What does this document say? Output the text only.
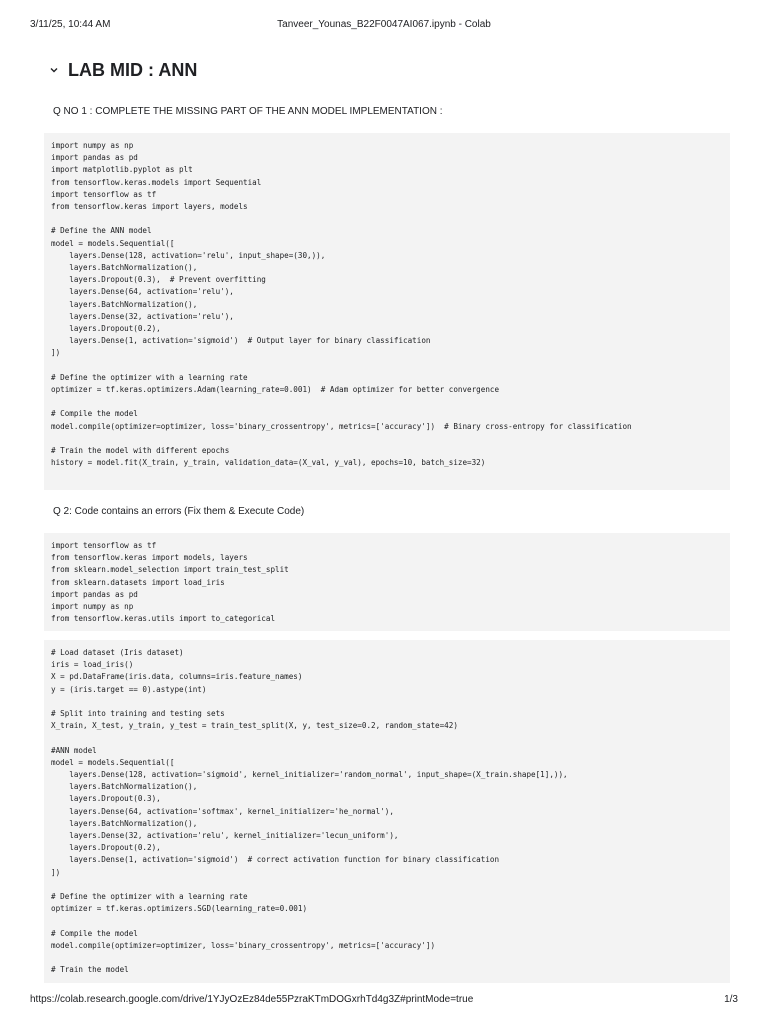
3/11/25, 10:44 AM	Tanveer_Younas_B22F0047AI067.ipynb - Colab
LAB MID : ANN
Q NO 1 : COMPLETE THE MISSING PART OF THE ANN MODEL IMPLEMENTATION :
import numpy as np
import pandas as pd
import matplotlib.pyplot as plt
from tensorflow.keras.models import Sequential
import tensorflow as tf
from tensorflow.keras import layers, models

# Define the ANN model
model = models.Sequential([
layers.Dense(128, activation='relu', input_shape=(30,)),
layers.BatchNormalization(),
layers.Dropout(0.3),  # Prevent overfitting
layers.Dense(64, activation='relu'),
layers.BatchNormalization(),
layers.Dense(32, activation='relu'),
layers.Dropout(0.2),
layers.Dense(1, activation='sigmoid')  # Output layer for binary classification
])

# Define the optimizer with a learning rate
optimizer = tf.keras.optimizers.Adam(learning_rate=0.001)  # Adam optimizer for better convergence

# Compile the model
model.compile(optimizer=optimizer, loss='binary_crossentropy', metrics=['accuracy'])  # Binary cross-entropy for classification

# Train the model with different epochs
history = model.fit(X_train, y_train, validation_data=(X_val, y_val), epochs=10, batch_size=32)
Q 2: Code contains an errors (Fix them & Execute Code)
import tensorflow as tf
from tensorflow.keras import models, layers
from sklearn.model_selection import train_test_split
from sklearn.datasets import load_iris
import pandas as pd
import numpy as np
from tensorflow.keras.utils import to_categorical
# Load dataset (Iris dataset)
iris = load_iris()
X = pd.DataFrame(iris.data, columns=iris.feature_names)
y = (iris.target == 0).astype(int)

# Split into training and testing sets
X_train, X_test, y_train, y_test = train_test_split(X, y, test_size=0.2, random_state=42)

#ANN model
model = models.Sequential([
layers.Dense(128, activation='sigmoid', kernel_initializer='random_normal', input_shape=(X_train.shape[1],)),
layers.BatchNormalization(),
layers.Dropout(0.3),
layers.Dense(64, activation='softmax', kernel_initializer='he_normal'),
layers.BatchNormalization(),
layers.Dense(32, activation='relu', kernel_initializer='lecun_uniform'),
layers.Dropout(0.2),
layers.Dense(1, activation='sigmoid')  # correct activation function for binary classification
])

# Define the optimizer with a learning rate
optimizer = tf.keras.optimizers.SGD(learning_rate=0.001)

# Compile the model
model.compile(optimizer=optimizer, loss='binary_crossentropy', metrics=['accuracy'])

# Train the model
https://colab.research.google.com/drive/1YJyOzEz84de55PzraKTmDOGxrhTd4g3Z#printMode=true	1/3
